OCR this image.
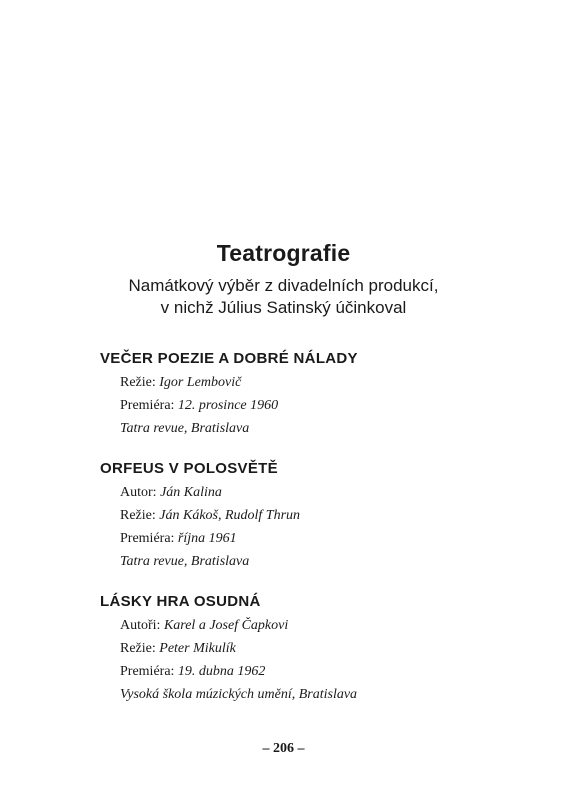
Teatrografie
Namátkový výběr z divadelních produkcí,
v nichž Július Satinský účinkoval
VEČER POEZIE A DOBRÉ NÁLADY
Režie: Igor Lembovič
Premiéra: 12. prosince 1960
Tatra revue, Bratislava
ORFEUS V POLOSVĚTĚ
Autor: Ján Kalina
Režie: Ján Kákoš, Rudolf Thrun
Premiéra: října 1961
Tatra revue, Bratislava
LÁSKY HRA OSUDNÁ
Autoři: Karel a Josef Čapkovi
Režie: Peter Mikulík
Premiéra: 19. dubna 1962
Vysoká škola múzických umění, Bratislava
– 206 –
